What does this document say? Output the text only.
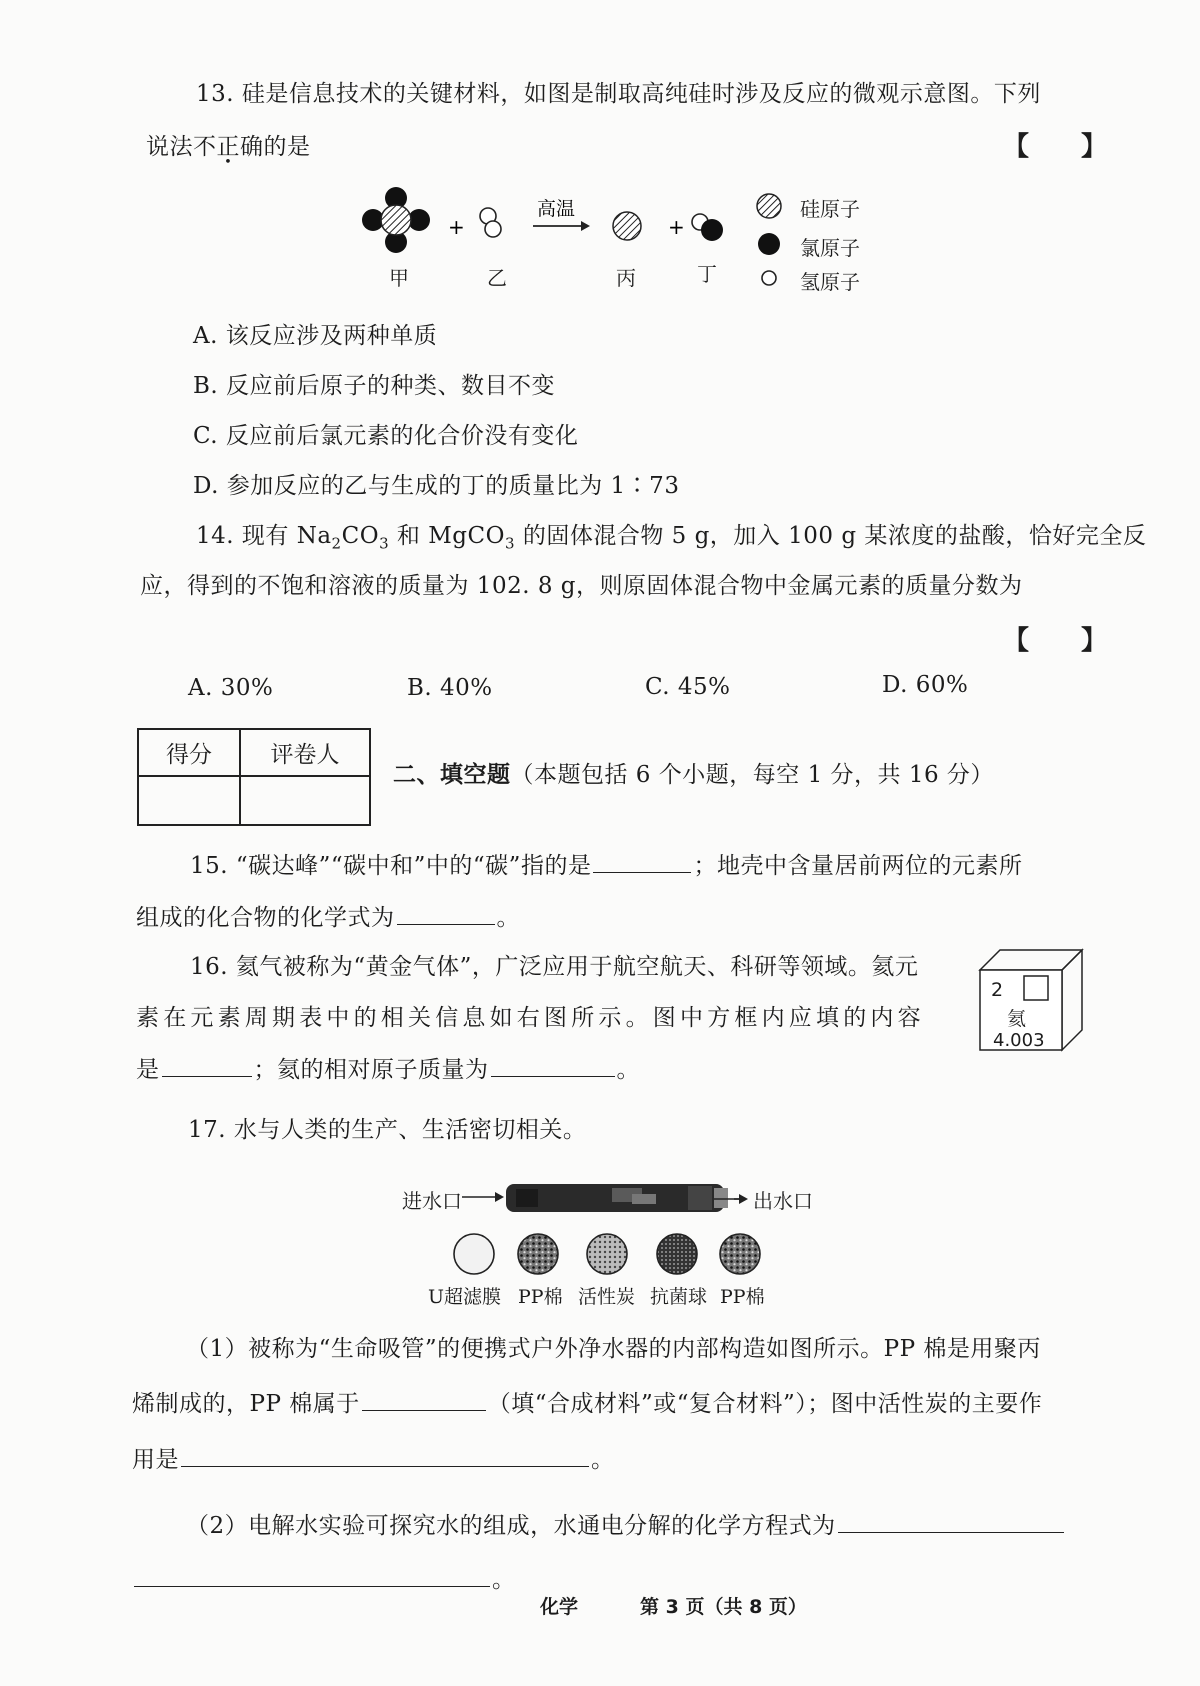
13. 硅是信息技术的关键材料，如图是制取高纯硅时涉及反应的微观示意图。下列
说法不正确的是	【　　】
+
高温
+
甲	乙	丙	丁
硅原子
氯原子
氢原子
A. 该反应涉及两种单质
B. 反应前后原子的种类、数目不变
C. 反应前后氯元素的化合价没有变化
D. 参加反应的乙与生成的丁的质量比为 1∶73
14. 现有 $Na_2CO_3$ 和 MgCO$_3$ 的固体混合物 5 g，加入 100 g 某浓度的盐酸，恰好完全反
应，得到的不饱和溶液的质量为 102. 8 g，则原固体混合物中金属元素的质量分数为
【　　】
A. 30%	B. 40%	C. 45%	D. 60%
得分	评卷人
二、填空题（本题包括 6 个小题，每空 1 分，共 16 分）
15. “碳达峰”“碳中和”中的“碳”指的是	；地壳中含量居前两位的元素所
组成的化合物的化学式为	。
16. 氦气被称为“黄金气体”，广泛应用于航空航天、科研等领域。氦元
素在元素周期表中的相关信息如右图所示。图中方框内应填的内容
是	；氦的相对原子质量为	。
2
氦
4.003
17. 水与人类的生产、生活密切相关。
进水口	出水口
U超滤膜 PP棉 活性炭 抗菌球 PP棉
（1）被称为“生命吸管”的便携式户外净水器的内部构造如图所示。PP 棉是用聚丙
烯制成的，PP 棉属于	（填“合成材料”或“复合材料”）；图中活性炭的主要作
用是	。
（2）电解水实验可探究水的组成，水通电分解的化学方程式为
。
化学	第 3 页（共 8 页）
